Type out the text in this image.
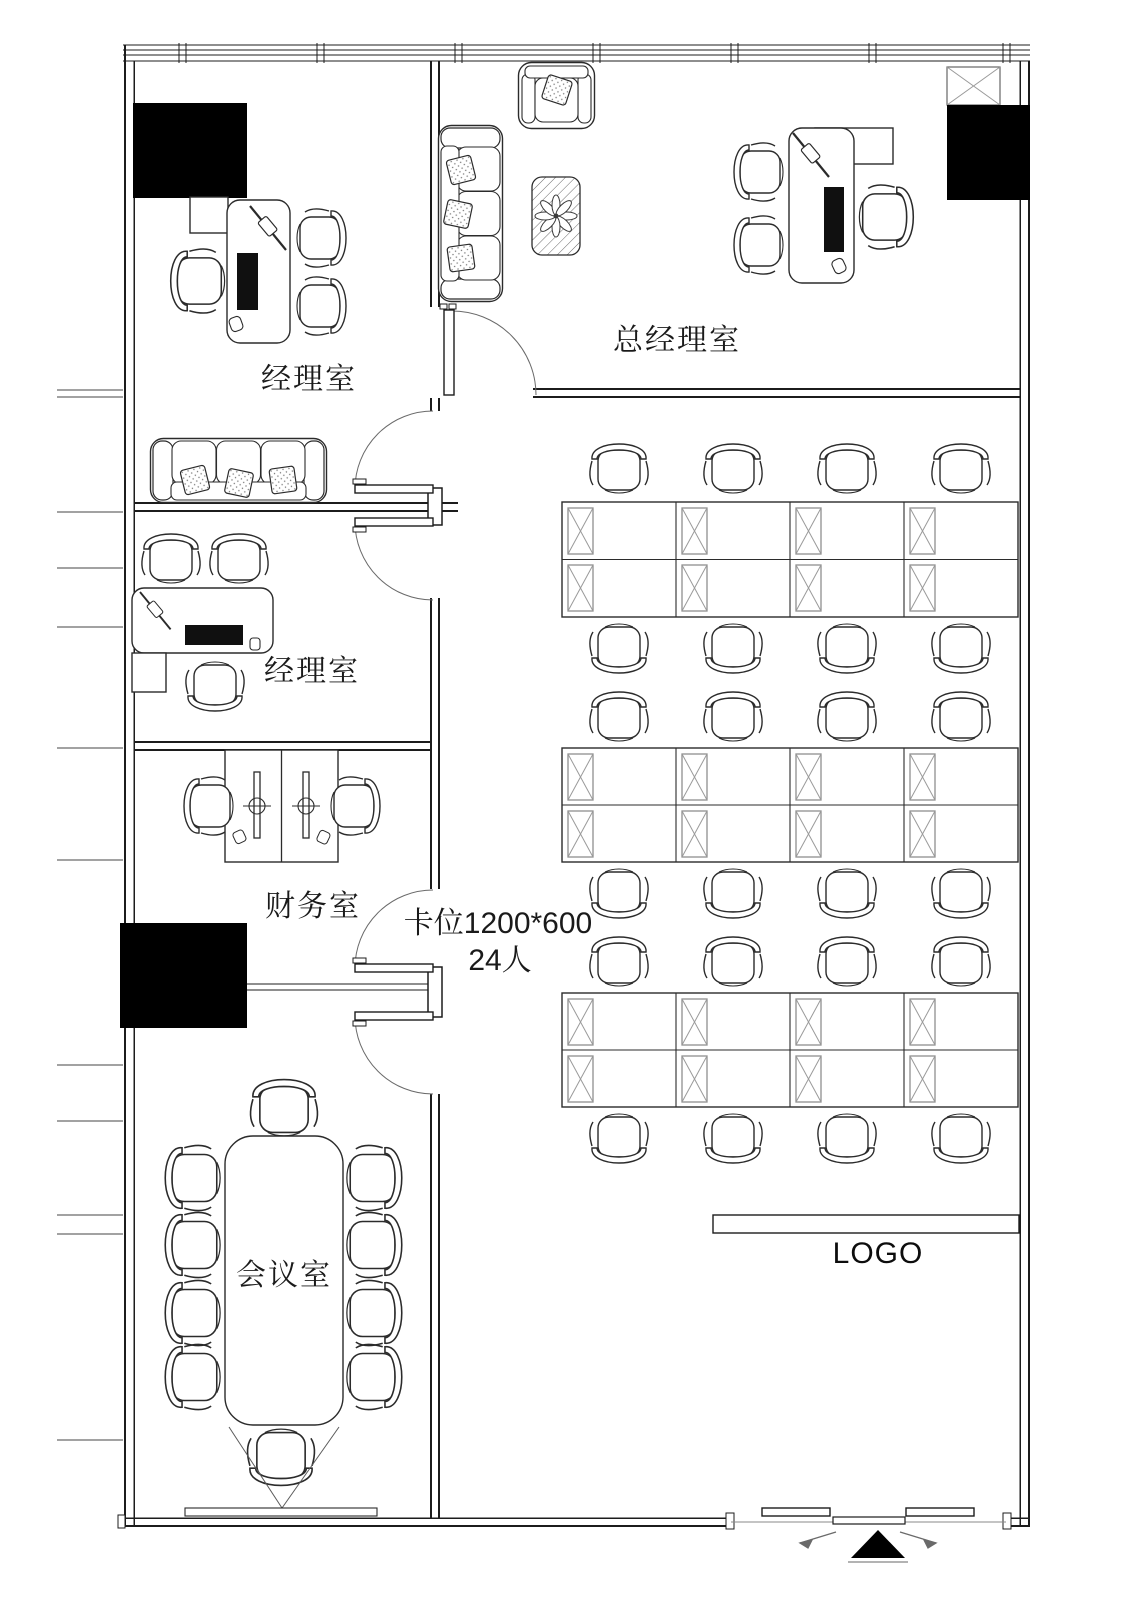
经理室
总经理室
经理室
财务室
会议室
卡位1200*600
24人
LOGO
